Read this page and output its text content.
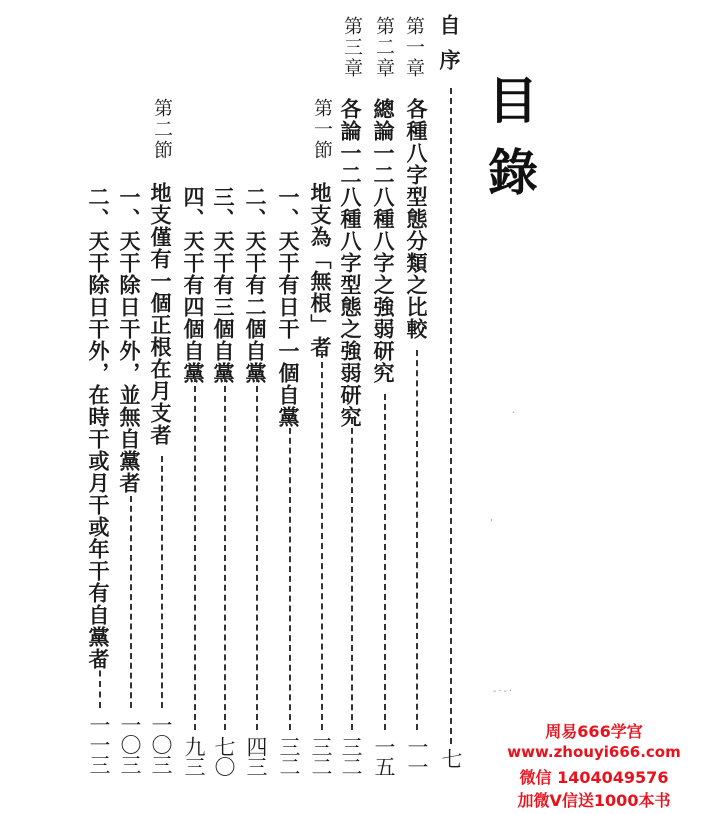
目錄
自序
七
第一章
各種八字型態分類之比較
一一
第二章
總論一二八種八字之強弱研究
一五
第三章
各論一二八種八字型態之強弱研究
三二
第一節
地支為「無根」者
三二
一、天干有日干一個自黨
三二
二、天干有二個自黨
四三
三、天干有三個自黨
七〇
四、天干有四個自黨
九三
第二節
地支僅有一個正根在月支者
一〇三
一、天干除日干外，並無自黨者
一〇三
二、天干除日干外，在時干或月干或年干有自黨者
一一三
,
·
-·-·
周易666学宫
www.zhouyi666.com
微信 1404049576
加微V信送1000本书
